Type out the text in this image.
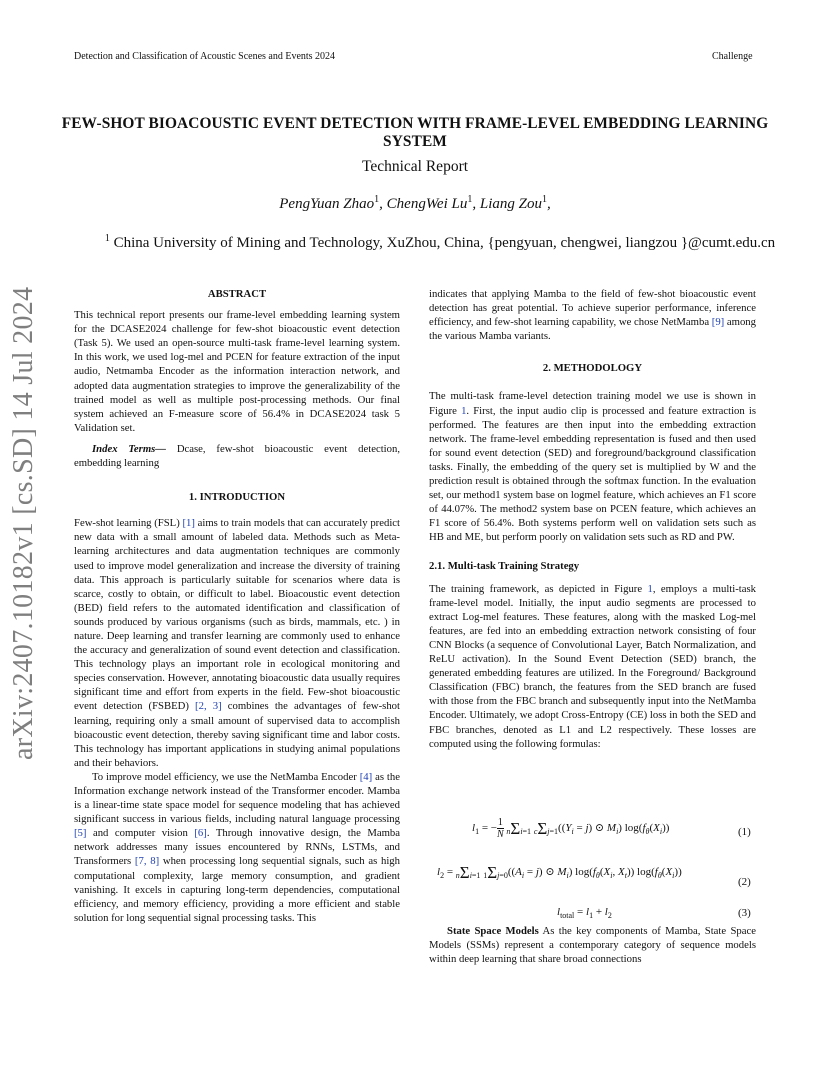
Detection and Classification of Acoustic Scenes and Events 2024	Challenge
arXiv:2407.10182v1 [cs.SD] 14 Jul 2024
FEW-SHOT BIOACOUSTIC EVENT DETECTION WITH FRAME-LEVEL EMBEDDING LEARNING SYSTEM
Technical Report
PengYuan Zhao$^1$, ChengWei Lu$^1$, Liang Zou$^1$,
$^1$ China University of Mining and Technology, XuZhou, China, {pengyuan, chengwei, liangzou }@cumt.edu.cn
ABSTRACT

This technical report presents our frame-level embedding learning system for the DCASE2024 challenge for few-shot bioacoustic event detection (Task 5). We used an open-source multi-task frame-level learning system. In this work, we used log-mel and PCEN for feature extraction of the input audio, Netmamba Encoder as the information interaction network, and adopted data augmentation strategies to improve the generalizability of the trained model as well as multiple post-processing methods. Our final system achieved an F-measure score of 56.4% in DCASE2024 task 5 Validation set.

Index Terms— Dcase, few-shot bioacoustic event detection, embedding learning

1. INTRODUCTION

Few-shot learning (FSL) [1] aims to train models that can accurately predict new data with a small amount of labeled data. Methods such as Meta-learning architectures and data augmentation techniques are commonly used to improve model generalization and increase the diversity of training data. This approach is particularly suitable for scenarios where data is scarce, costly to obtain, or difficult to label. Bioacoustic event detection (BED) field refers to the automated identification and classification of sounds produced by various organisms (such as birds, mammals, etc. ) in nature. Deep learning and transfer learning are commonly used to enhance the accuracy and generalization of sound event detection and classification. This technology plays an important role in ecological monitoring and species conservation. However, annotating bioacoustic data usually requires significant time and effort from experts in the field. Few-shot bioacoustic event detection (FSBED) [2, 3] combines the advantages of few-shot learning, requiring only a small amount of supervised data to accomplish bioacoustic event detection, thereby saving significant time and labor costs. This technology has important applications in studying animal populations and their behaviors.

To improve model efficiency, we use the NetMamba Encoder [4] as the Information exchange network instead of the Transformer encoder. Mamba is a linear-time state space model for sequence modeling that has achieved significant success in various fields, including natural language processing [5] and computer vision [6]. Through innovative design, the Mamba network addresses many issues encountered by RNNs, LSTMs, and Transformers [7, 8] when processing long sequential signals, such as high computational complexity, large memory consumption, and gradient vanishing. It excels in capturing long-term dependencies, computational efficiency, and memory efficiency, providing a more efficient and stable solution for long sequential signal processing tasks. This

indicates that applying Mamba to the field of few-shot bioacoustic event detection has great potential. To achieve superior performance, inference efficiency, and few-shot learning capability, we chose NetMamba [9] among the various Mamba variants.

2. METHODOLOGY

The multi-task frame-level detection training model we use is shown in Figure 1. First, the input audio clip is processed and feature extraction is performed. The features are then input into the embedding extraction network. The frame-level embedding representation is fused and then used for sound event detection (SED) and foreground/background classification tasks. Finally, the embedding of the query set is multiplied by W and the prediction result is obtained through the softmax function. In the evaluation set, our method1 system base on logmel feature, which achieves an F1 score of 44.07%. The method2 system base on PCEN feature, which achieves an F1 score of 56.4%. Both systems perform well on validation sets such as HB and ME, but perform poorly on validation sets such as RD and PW.

2.1. Multi-task Training Strategy

The training framework, as depicted in Figure 1, employs a multi-task frame-level model. Initially, the input audio segments are processed to extract Log-mel features. These features, along with the masked Log-mel features, are fed into an embedding extraction network consisting of four CNN Blocks (a sequence of Convolutional Layer, Batch Normalization, and ReLU activation). In the Sound Event Detection (SED) branch, the generated embedding features are utilized. In the Foreground/ Background Classification (FBC) branch, the features from the SED branch are fused with those from the FBC branch and subsequently input into the NetMamba Encoder. Ultimately, we adopt Cross-Entropy (CE) loss in both the SED and FBC branches, denoted as L1 and L2 respectively. These losses are computed using the following formulas:

$l_1$ = − $\frac{1}{N} n\Sigma i=1$ $c\Sigma j=1((Y_i = j)$ ⊙ $M_i$) $\log(f_\theta(X_i))$	(1)
$l_2 = n\Sigma i=1$ $1\Sigma j=0((A_i = j)$ ⊙ $M_i$) $\log(f_\theta(X_i$, $X_t$)) $\log(f_\theta(X_i))$
(2)
$l_{total} = l_1 + l_2$	(3)

State Space Models As the key components of Mamba, State Space Models (SSMs) represent a contemporary category of sequence models within deep learning that share broad connections
